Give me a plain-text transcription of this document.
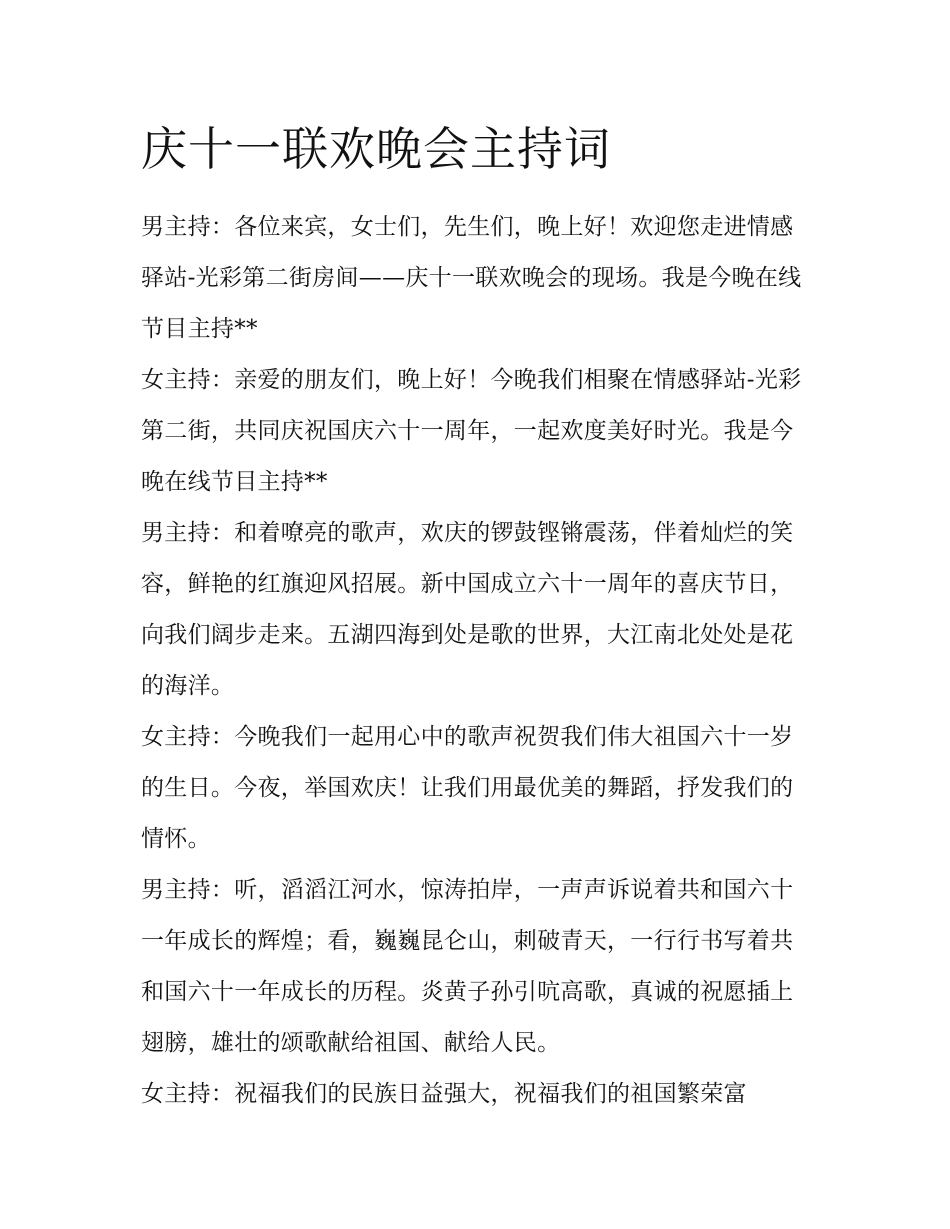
庆十一联欢晚会主持词

男主持：各位来宾，女士们，先生们，晚上好！欢迎您走进情感驿站-光彩第二街房间——庆十一联欢晚会的现场。我是今晚在线节目主持**

女主持：亲爱的朋友们，晚上好！今晚我们相聚在情感驿站-光彩第二街，共同庆祝国庆六十一周年，一起欢度美好时光。我是今晚在线节目主持**

男主持：和着嘹亮的歌声，欢庆的锣鼓铿锵震荡，伴着灿烂的笑容，鲜艳的红旗迎风招展。新中国成立六十一周年的喜庆节日，向我们阔步走来。五湖四海到处是歌的世界，大江南北处处是花的海洋。

女主持：今晚我们一起用心中的歌声祝贺我们伟大祖国六十一岁的生日。今夜，举国欢庆！让我们用最优美的舞蹈，抒发我们的情怀。

男主持：听，滔滔江河水，惊涛拍岸，一声声诉说着共和国六十一年成长的辉煌；看，巍巍昆仑山，刺破青天，一行行书写着共和国六十一年成长的历程。炎黄子孙引吭高歌，真诚的祝愿插上翅膀，雄壮的颂歌献给祖国、献给人民。

女主持：祝福我们的民族日益强大，祝福我们的祖国繁荣富
